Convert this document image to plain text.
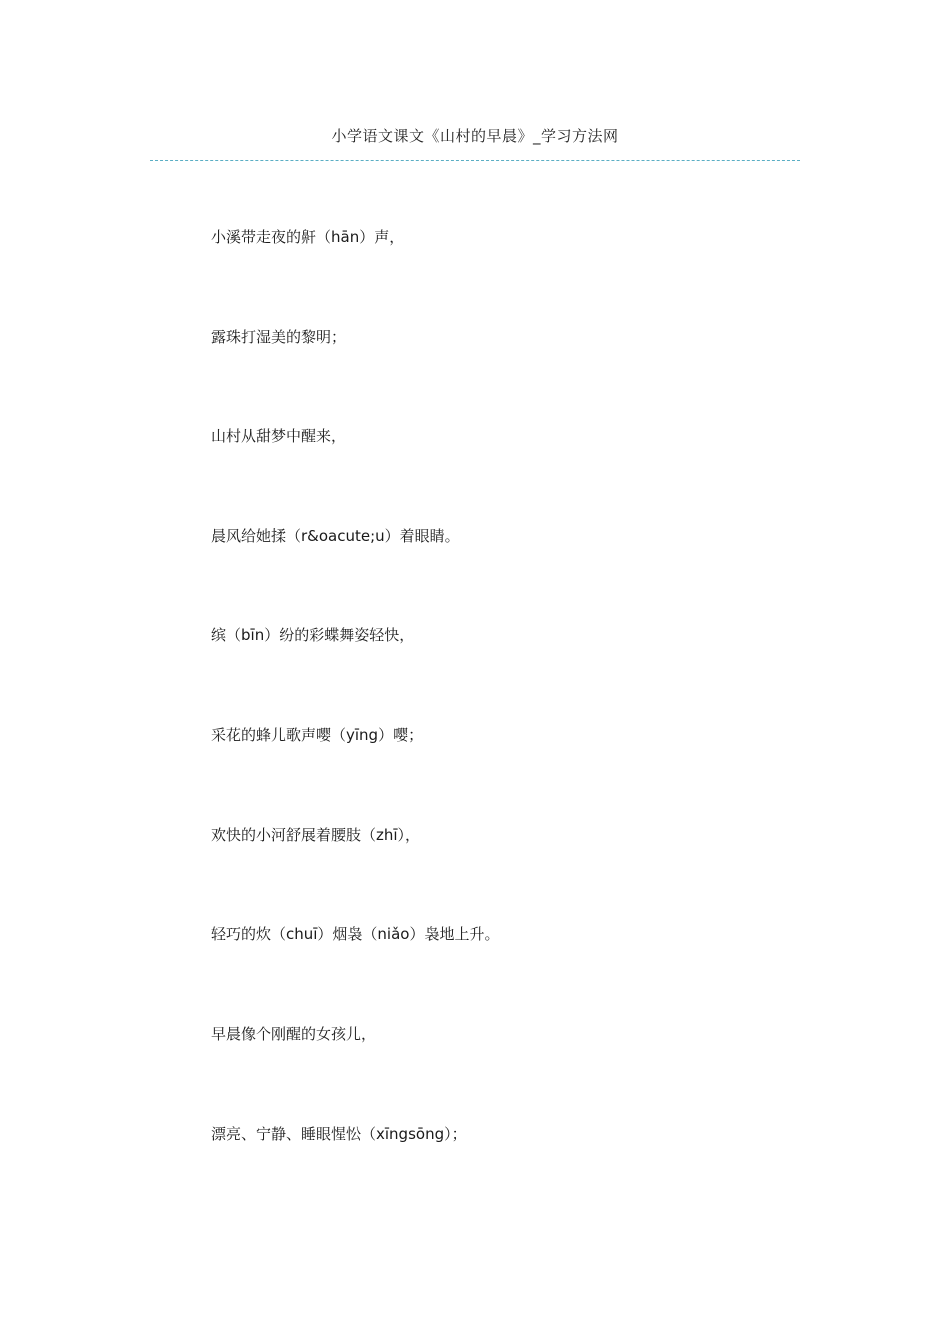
小学语文课文《山村的早晨》_学习方法网
小溪带走夜的鼾（hān）声，
露珠打湿美的黎明；
山村从甜梦中醒来，
晨风给她揉（r&oacute;u）着眼睛。
缤（bīn）纷的彩蝶舞姿轻快，
采花的蜂儿歌声嘤（yīng）嘤；
欢快的小河舒展着腰肢（zhī），
轻巧的炊（chuī）烟袅（niǎo）袅地上升。
早晨像个刚醒的女孩儿，
漂亮、宁静、睡眼惺忪（xīngsōng）；
